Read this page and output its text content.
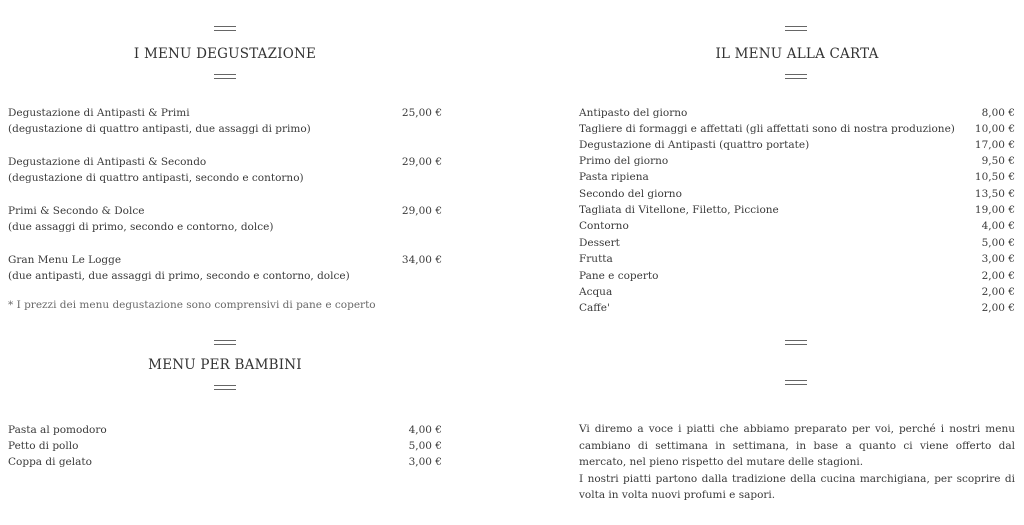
I MENU DEGUSTAZIONE
Degustazione di Antipasti & Primi	25,00 €
(degustazione di quattro antipasti, due assaggi di primo)
Degustazione di Antipasti & Secondo	29,00 €
(degustazione di quattro antipasti, secondo e contorno)
Primi & Secondo & Dolce	29,00 €
(due assaggi di primo, secondo e contorno, dolce)
Gran Menu Le Logge	34,00 €
(due antipasti, due assaggi di primo, secondo e contorno, dolce)
* I prezzi dei menu degustazione sono comprensivi di pane e coperto
MENU PER BAMBINI
Pasta al pomodoro	4,00 €
Petto di pollo	5,00 €
Coppa di gelato	3,00 €
IL MENU ALLA CARTA
Antipasto del giorno	8,00 €
Tagliere di formaggi e affettati (gli affettati sono di nostra produzione) 10,00 €
Degustazione di Antipasti (quattro portate)	17,00 €
Primo del giorno	9,50 €
Pasta ripiena	10,50 €
Secondo del giorno	13,50 €
Tagliata di Vitellone, Filetto, Piccione	19,00 €
Contorno	4,00 €
Dessert	5,00 €
Frutta	3,00 €
Pane e coperto	2,00 €
Acqua	2,00 €
Caffe'	2,00 €

Vi diremo a voce i piatti che abbiamo preparato per voi, perché i nostri menu cambiano di settimana in settimana, in base a quanto ci viene offerto dal mercato, nel pieno rispetto del mutare delle stagioni.

I nostri piatti partono dalla tradizione della cucina marchigiana, per scoprire di volta in volta nuovi profumi e sapori.
